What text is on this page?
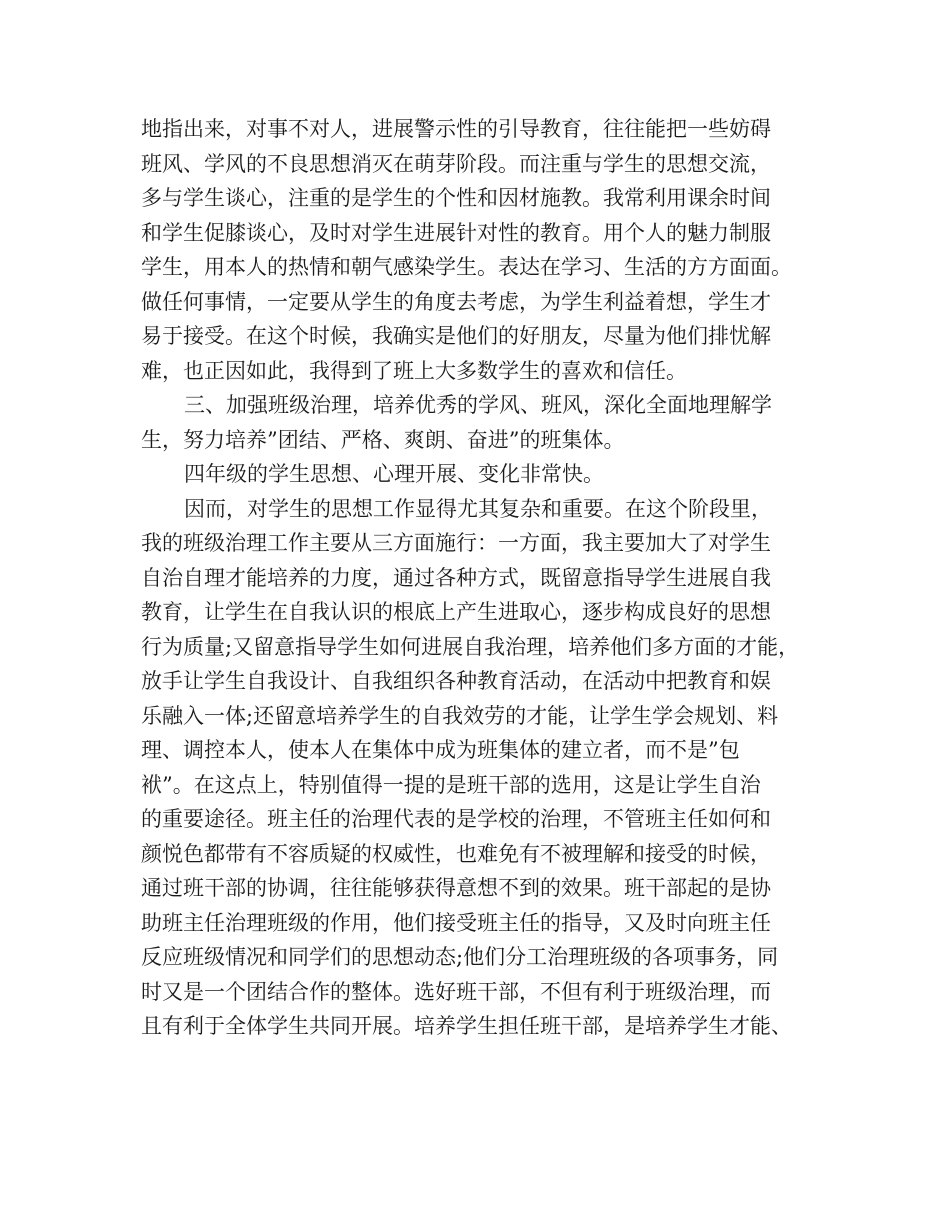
地指出来，对事不对人，进展警示性的引导教育，往往能把一些妨碍
班风、学风的不良思想消灭在萌芽阶段。而注重与学生的思想交流，
多与学生谈心，注重的是学生的个性和因材施教。我常利用课余时间
和学生促膝谈心，及时对学生进展针对性的教育。用个人的魅力制服
学生，用本人的热情和朝气感染学生。表达在学习、生活的方方面面。
做任何事情，一定要从学生的角度去考虑，为学生利益着想，学生才
易于接受。在这个时候，我确实是他们的好朋友，尽量为他们排忧解
难，也正因如此，我得到了班上大多数学生的喜欢和信任。
三、加强班级治理，培养优秀的学风、班风，深化全面地理解学
生，努力培养”团结、严格、爽朗、奋进”的班集体。
四年级的学生思想、心理开展、变化非常快。
因而，对学生的思想工作显得尤其复杂和重要。在这个阶段里，
我的班级治理工作主要从三方面施行：一方面，我主要加大了对学生
自治自理才能培养的力度，通过各种方式，既留意指导学生进展自我
教育，让学生在自我认识的根底上产生进取心，逐步构成良好的思想
行为质量;又留意指导学生如何进展自我治理，培养他们多方面的才能，
放手让学生自我设计、自我组织各种教育活动，在活动中把教育和娱
乐融入一体;还留意培养学生的自我效劳的才能，让学生学会规划、料
理、调控本人，使本人在集体中成为班集体的建立者，而不是”包
袱”。在这点上，特别值得一提的是班干部的选用，这是让学生自治
的重要途径。班主任的治理代表的是学校的治理，不管班主任如何和
颜悦色都带有不容质疑的权威性，也难免有不被理解和接受的时候，
通过班干部的协调，往往能够获得意想不到的效果。班干部起的是协
助班主任治理班级的作用，他们接受班主任的指导，又及时向班主任
反应班级情况和同学们的思想动态;他们分工治理班级的各项事务，同
时又是一个团结合作的整体。选好班干部，不但有利于班级治理，而
且有利于全体学生共同开展。培养学生担任班干部，是培养学生才能、
